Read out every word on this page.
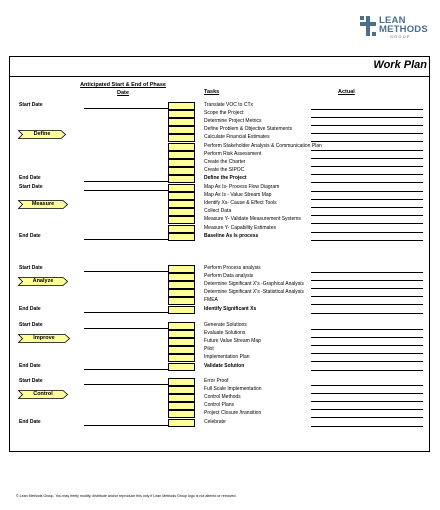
LEAN
METHODS
GROUP
Work Plan
Anticipated Start & End of Phase Date	Tasks	Actual
Start Date
End Date
Define
Translate VOC to CTx
Scope the Project
Determine Project Metrics
Define Problem & Objective Statements
Calculate Financial Estimates
Perform Stakeholder Analysis & Communication Plan
Perform Risk Assessment
Create the Charter
Create the SIPOC
Define the Project
Start Date
End Date
Measure
Map As Is- Process Flow Diagram
Map As Is - Value Stream Map
Identify Xs- Cause & Effect Tools
Collect Data
Measure Y- Validate Measurement Systems
Measure Y- Capability Estimates
Baseline As Is process
Start Date
End Date
Analyze
Perform Process analysis
Perform Data analysis
Determine Significant X's -Graphical Analysis
Determine Significant X's -Statistical Analysis
FMEA
Identify Significant Xs
Start Date
End Date
Improve
Generate Solutions
Evaluate Solutions
Future Value Stream Map
Pilot
Implementation Plan
Validate Solution
Start Date
End Date
Control
Error Proof
Full Scale Implementation
Control Methods
Control Plans
Project Closure /transition
Celebrate
© Lean Methods Group. You may freely modify, distribute and/or reproduce this only if Lean Methods Group logo is not altered or removed.
